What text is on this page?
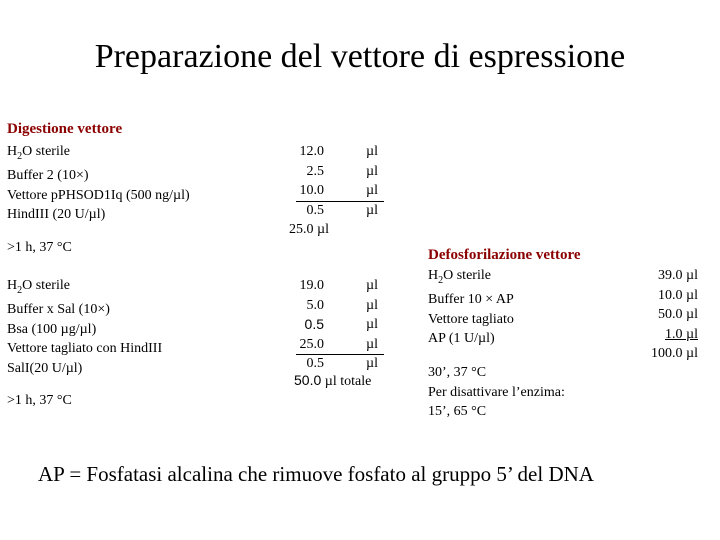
Preparazione del vettore di espressione
Digestione vettore
$H_2O$ sterile
Buffer 2 (10×)
Vettore pPHSOD1Iq (500 ng/µl)
HindIII (20 U/µl)
12.0
2.5
10.0
0.5
µl
µl
µl
µl
25.0 µl
>1 h, 37 °C
$H_2O$ sterile
Buffer x Sal (10×)
Bsa (100 µg/µl)
Vettore tagliato con HindIII
SalI(20 U/µl)
19.0
5.0
0.5
25.0
0.5
µl
µl
µl
µl
µl
50.0 µl totale
>1 h, 37 °C
Defosforilazione vettore
$H_2O$ sterile
Buffer 10 × AP
Vettore tagliato
AP (1 U/µl)
39.0 µl
10.0 µl
50.0 µl
1.0 µl
100.0 µl
30’, 37 °C
Per disattivare l’enzima:
15’, 65 °C
AP = Fosfatasi alcalina che rimuove fosfato al gruppo 5’ del DNA
